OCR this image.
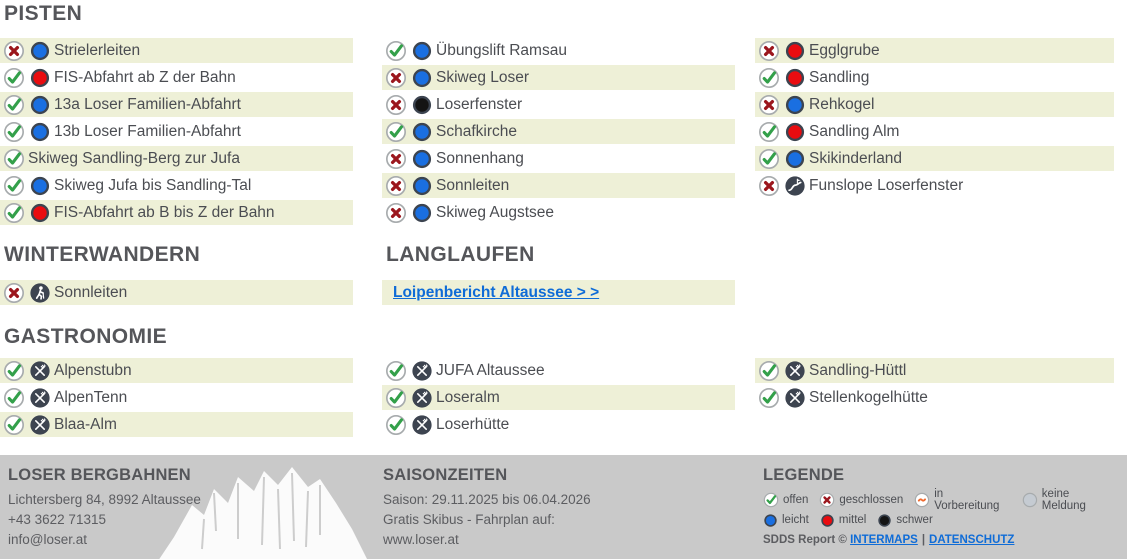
PISTEN
Strielerleiten
FIS-Abfahrt ab Z der Bahn
13a Loser Familien-Abfahrt
13b Loser Familien-Abfahrt
Skiweg Sandling-Berg zur Jufa
Skiweg Jufa bis Sandling-Tal
FIS-Abfahrt ab B bis Z der Bahn
Übungslift Ramsau
Skiweg Loser
Loserfenster
Schafkirche
Sonnenhang
Sonnleiten
Skiweg Augstsee
Egglgrube
Sandling
Rehkogel
Sandling Alm
Skikinderland
Funslope Loserfenster
WINTERWANDERN
Sonnleiten
LANGLAUFEN
Loipenbericht Altaussee > >
GASTRONOMIE
Alpenstubn
AlpenTenn
Blaa-Alm
JUFA Altaussee
Loseralm
Loserhütte
Sandling-Hüttl
Stellenkogelhütte
LOSER BERGBAHNEN
Lichtersberg 84, 8992 Altaussee
+43 3622 71315
info@loser.at
SAISONZEITEN
Saison: 29.11.2025 bis 06.04.2026
Gratis Skibus - Fahrplan auf:
www.loser.at
LEGENDE
offen	geschlossen	in Vorbereitung
keine Meldung
leicht	mittel	schwer
SDDS Report © INTERMAPS | DATENSCHUTZ
